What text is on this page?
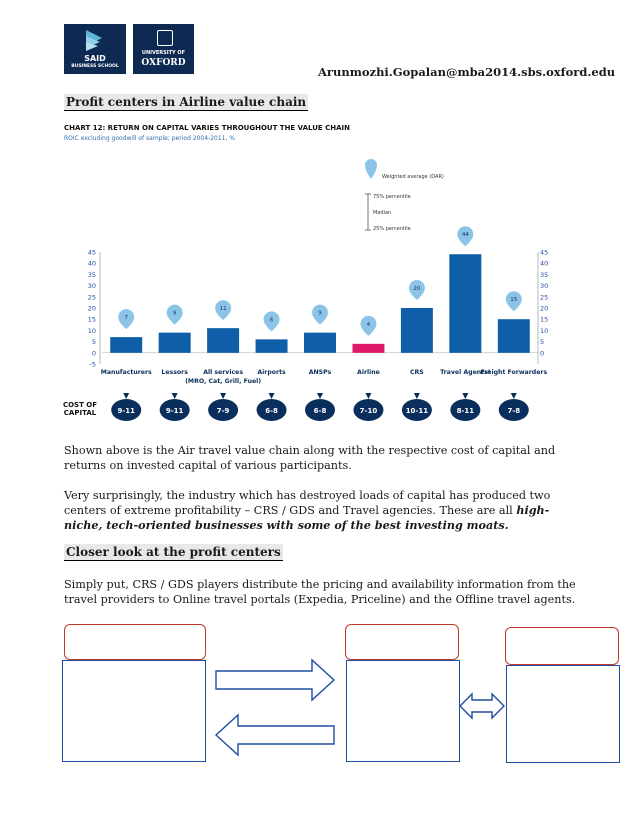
SAID
BUSINESS SCHOOL
UNIVERSITY OF
OXFORD
Arunmozhi.Gopalan@mba2014.sbs.oxford.edu
Profit centers in Airline value chain
CHART 12: RETURN ON CAPITAL VARIES THROUGHOUT THE VALUE CHAIN
ROIC excluding goodwill of sample; period 2004-2011, %
Weighted average (DAR)
75% percentile
Median
25% percentile
45
40
35
30
25
20
15
10
5
0
-5
45
40
35
30
25
20
15
10
5
0
7
9
11
6
9
4
20
44
15
Manufacturers Lessors All services
(MRO, Cat, Grill, Fuel)
Airports	ANSPs	Airline	CRS	Travel Agents¹
Freight Forwarders
COST OF
CAPITAL	9-11	9-11	7-9	6-8	6-8	7-10	10-11	8-11	7-8
Shown above is the Air travel value chain along with the respective cost of capital and returns on invested capital of various participants.
Very surprisingly, the industry which has destroyed loads of capital has produced two centers of extreme profitability – CRS / GDS and Travel agencies. These are all high-niche, tech-oriented businesses with some of the best investing moats.
Closer look at the profit centers
Simply put, CRS / GDS players distribute the pricing and availability information from the travel providers to Online travel portals (Expedia, Priceline) and the Offline travel agents.
